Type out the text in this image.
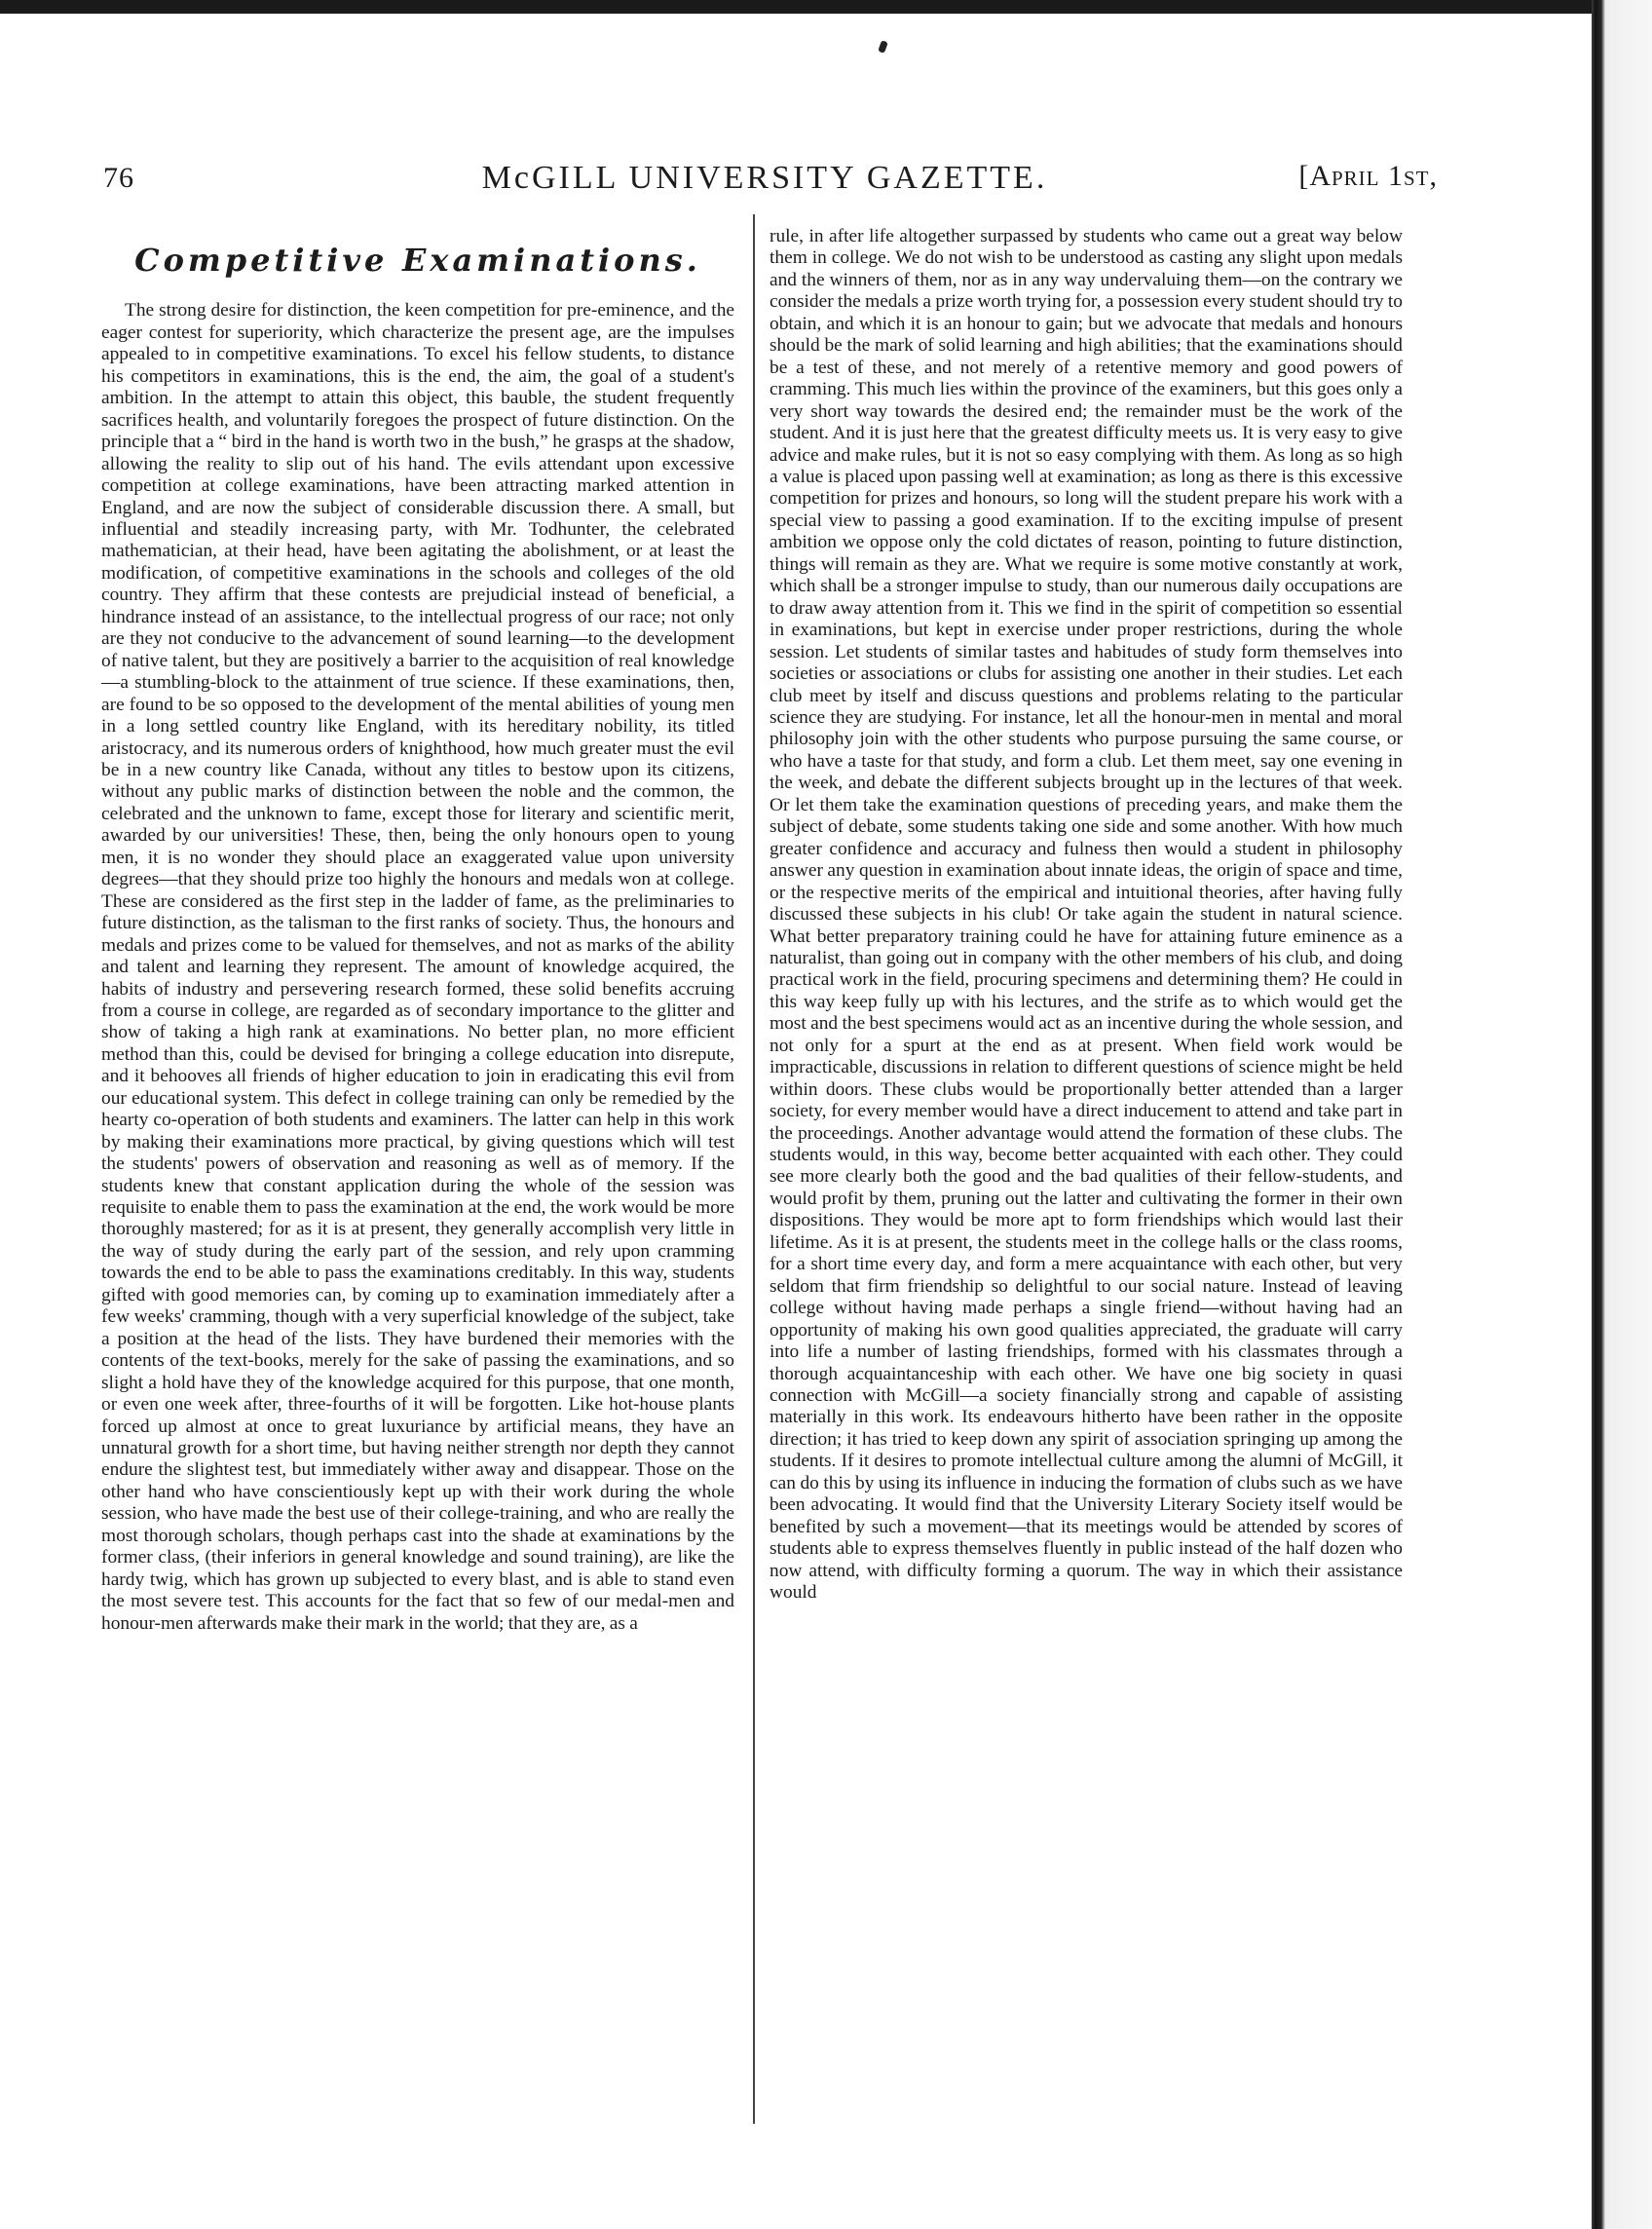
76	McGILL UNIVERSITY GAZETTE.	[April 1st,
Competitive Examinations.

The strong desire for distinction, the keen competition for pre-eminence, and the eager contest for superiority, which characterize the present age, are the impulses appealed to in competitive examinations. To excel his fellow students, to distance his competitors in examinations, this is the end, the aim, the goal of a student's ambition. In the attempt to attain this object, this bauble, the student frequently sacrifices health, and voluntarily foregoes the prospect of future distinction. On the principle that a “ bird in the hand is worth two in the bush,” he grasps at the shadow, allowing the reality to slip out of his hand. The evils attendant upon excessive competition at college examinations, have been attracting marked attention in England, and are now the subject of considerable discussion there. A small, but influential and steadily increasing party, with Mr. Todhunter, the celebrated mathematician, at their head, have been agitating the abolishment, or at least the modification, of competitive examinations in the schools and colleges of the old country. They affirm that these contests are prejudicial instead of beneficial, a hindrance instead of an assistance, to the intellectual progress of our race; not only are they not conducive to the advancement of sound learning—to the development of native talent, but they are positively a barrier to the acquisition of real knowledge—a stumbling-block to the attainment of true science. If these examinations, then, are found to be so opposed to the development of the mental abilities of young men in a long settled country like England, with its hereditary nobility, its titled aristocracy, and its numerous orders of knighthood, how much greater must the evil be in a new country like Canada, without any titles to bestow upon its citizens, without any public marks of distinction between the noble and the common, the celebrated and the unknown to fame, except those for literary and scientific merit, awarded by our universities! These, then, being the only honours open to young men, it is no wonder they should place an exaggerated value upon university degrees—that they should prize too highly the honours and medals won at college. These are considered as the first step in the ladder of fame, as the preliminaries to future distinction, as the talisman to the first ranks of society. Thus, the honours and medals and prizes come to be valued for themselves, and not as marks of the ability and talent and learning they represent. The amount of knowledge acquired, the habits of industry and persevering research formed, these solid benefits accruing from a course in college, are regarded as of secondary importance to the glitter and show of taking a high rank at examinations. No better plan, no more efficient method than this, could be devised for bringing a college education into disrepute, and it behooves all friends of higher education to join in eradicating this evil from our educational system. This defect in college training can only be remedied by the hearty co-operation of both students and examiners. The latter can help in this work by making their examinations more practical, by giving questions which will test the students' powers of observation and reasoning as well as of memory. If the students knew that constant application during the whole of the session was requisite to enable them to pass the examination at the end, the work would be more thoroughly mastered; for as it is at present, they generally accomplish very little in the way of study during the early part of the session, and rely upon cramming towards the end to be able to pass the examinations creditably. In this way, students gifted with good memories can, by coming up to examination immediately after a few weeks' cramming, though with a very superficial knowledge of the subject, take a position at the head of the lists. They have burdened their memories with the contents of the text-books, merely for the sake of passing the examinations, and so slight a hold have they of the knowledge acquired for this purpose, that one month, or even one week after, three-fourths of it will be forgotten. Like hot-house plants forced up almost at once to great luxuriance by artificial means, they have an unnatural growth for a short time, but having neither strength nor depth they cannot endure the slightest test, but immediately wither away and disappear. Those on the other hand who have conscientiously kept up with their work during the whole session, who have made the best use of their college-training, and who are really the most thorough scholars, though perhaps cast into the shade at examinations by the former class, (their inferiors in general knowledge and sound training), are like the hardy twig, which has grown up subjected to every blast, and is able to stand even the most severe test. This accounts for the fact that so few of our medal-men and honour-men afterwards make their mark in the world; that they are, as a

rule, in after life altogether surpassed by students who came out a great way below them in college. We do not wish to be understood as casting any slight upon medals and the winners of them, nor as in any way undervaluing them—on the contrary we consider the medals a prize worth trying for, a possession every student should try to obtain, and which it is an honour to gain; but we advocate that medals and honours should be the mark of solid learning and high abilities; that the examinations should be a test of these, and not merely of a retentive memory and good powers of cramming. This much lies within the province of the examiners, but this goes only a very short way towards the desired end; the remainder must be the work of the student. And it is just here that the greatest difficulty meets us. It is very easy to give advice and make rules, but it is not so easy complying with them. As long as so high a value is placed upon passing well at examination; as long as there is this excessive competition for prizes and honours, so long will the student prepare his work with a special view to passing a good examination. If to the exciting impulse of present ambition we oppose only the cold dictates of reason, pointing to future distinction, things will remain as they are. What we require is some motive constantly at work, which shall be a stronger impulse to study, than our numerous daily occupations are to draw away attention from it. This we find in the spirit of competition so essential in examinations, but kept in exercise under proper restrictions, during the whole session. Let students of similar tastes and habitudes of study form themselves into societies or associations or clubs for assisting one another in their studies. Let each club meet by itself and discuss questions and problems relating to the particular science they are studying. For instance, let all the honour-men in mental and moral philosophy join with the other students who purpose pursuing the same course, or who have a taste for that study, and form a club. Let them meet, say one evening in the week, and debate the different subjects brought up in the lectures of that week. Or let them take the examination questions of preceding years, and make them the subject of debate, some students taking one side and some another. With how much greater confidence and accuracy and fulness then would a student in philosophy answer any question in examination about innate ideas, the origin of space and time, or the respective merits of the empirical and intuitional theories, after having fully discussed these subjects in his club! Or take again the student in natural science. What better preparatory training could he have for attaining future eminence as a naturalist, than going out in company with the other members of his club, and doing practical work in the field, procuring specimens and determining them? He could in this way keep fully up with his lectures, and the strife as to which would get the most and the best specimens would act as an incentive during the whole session, and not only for a spurt at the end as at present. When field work would be impracticable, discussions in relation to different questions of science might be held within doors. These clubs would be proportionally better attended than a larger society, for every member would have a direct inducement to attend and take part in the proceedings. Another advantage would attend the formation of these clubs. The students would, in this way, become better acquainted with each other. They could see more clearly both the good and the bad qualities of their fellow-students, and would profit by them, pruning out the latter and cultivating the former in their own dispositions. They would be more apt to form friendships which would last their lifetime. As it is at present, the students meet in the college halls or the class rooms, for a short time every day, and form a mere acquaintance with each other, but very seldom that firm friendship so delightful to our social nature. Instead of leaving college without having made perhaps a single friend—without having had an opportunity of making his own good qualities appreciated, the graduate will carry into life a number of lasting friendships, formed with his classmates through a thorough acquaintanceship with each other. We have one big society in quasi connection with McGill—a society financially strong and capable of assisting materially in this work. Its endeavours hitherto have been rather in the opposite direction; it has tried to keep down any spirit of association springing up among the students. If it desires to promote intellectual culture among the alumni of McGill, it can do this by using its influence in inducing the formation of clubs such as we have been advocating. It would find that the University Literary Society itself would be benefited by such a movement—that its meetings would be attended by scores of students able to express themselves fluently in public instead of the half dozen who now attend, with difficulty forming a quorum. The way in which their assistance would
